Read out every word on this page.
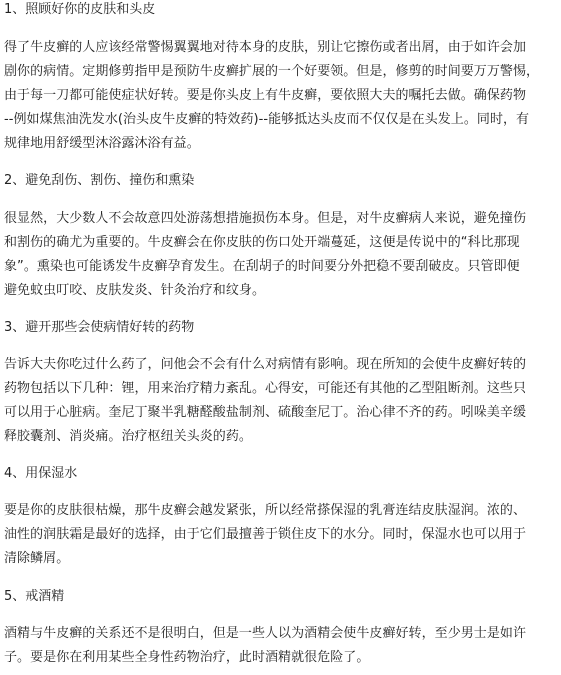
1、照顾好你的皮肤和头皮
得了牛皮癣的人应该经常警惕翼翼地对待本身的皮肤，别让它擦伤或者出屑，由于如许会加
剧你的病情。定期修剪指甲是预防牛皮癣扩展的一个好要领。但是，修剪的时间要万万警惕，
由于每一刀都可能使症状好转。要是你头皮上有牛皮癣，要依照大夫的嘱托去做。确保药物
--例如煤焦油洗发水(治头皮牛皮癣的特效药)--能够抵达头皮而不仅仅是在头发上。同时，有
规律地用舒缓型沐浴露沐浴有益。
2、避免刮伤、割伤、撞伤和熏染
很显然，大少数人不会故意四处游荡想措施损伤本身。但是，对牛皮癣病人来说，避免撞伤
和割伤的确尤为重要的。牛皮癣会在你皮肤的伤口处开端蔓延，这便是传说中的“科比那现
象”。熏染也可能诱发牛皮癣孕育发生。在刮胡子的时间要分外把稳不要刮破皮。只管即便
避免蚊虫叮咬、皮肤发炎、针灸治疗和纹身。
3、避开那些会使病情好转的药物
告诉大夫你吃过什么药了，问他会不会有什么对病情有影响。现在所知的会使牛皮癣好转的
药物包括以下几种：锂，用来治疗精力紊乱。心得安，可能还有其他的乙型阻断剂。这些只
可以用于心脏病。奎尼丁聚半乳糖醛酸盐制剂、硫酸奎尼丁。治心律不齐的药。吲哚美辛缓
释胶囊剂、消炎痛。治疗枢纽关头炎的药。
4、用保湿水
要是你的皮肤很枯燥，那牛皮癣会越发紧张，所以经常搽保湿的乳膏连结皮肤湿润。浓的、
油性的润肤霜是最好的选择，由于它们最擅善于锁住皮下的水分。同时，保湿水也可以用于
清除鳞屑。
5、戒酒精
酒精与牛皮癣的关系还不是很明白，但是一些人以为酒精会使牛皮癣好转，至少男士是如许
子。要是你在利用某些全身性药物治疗，此时酒精就很危险了。
